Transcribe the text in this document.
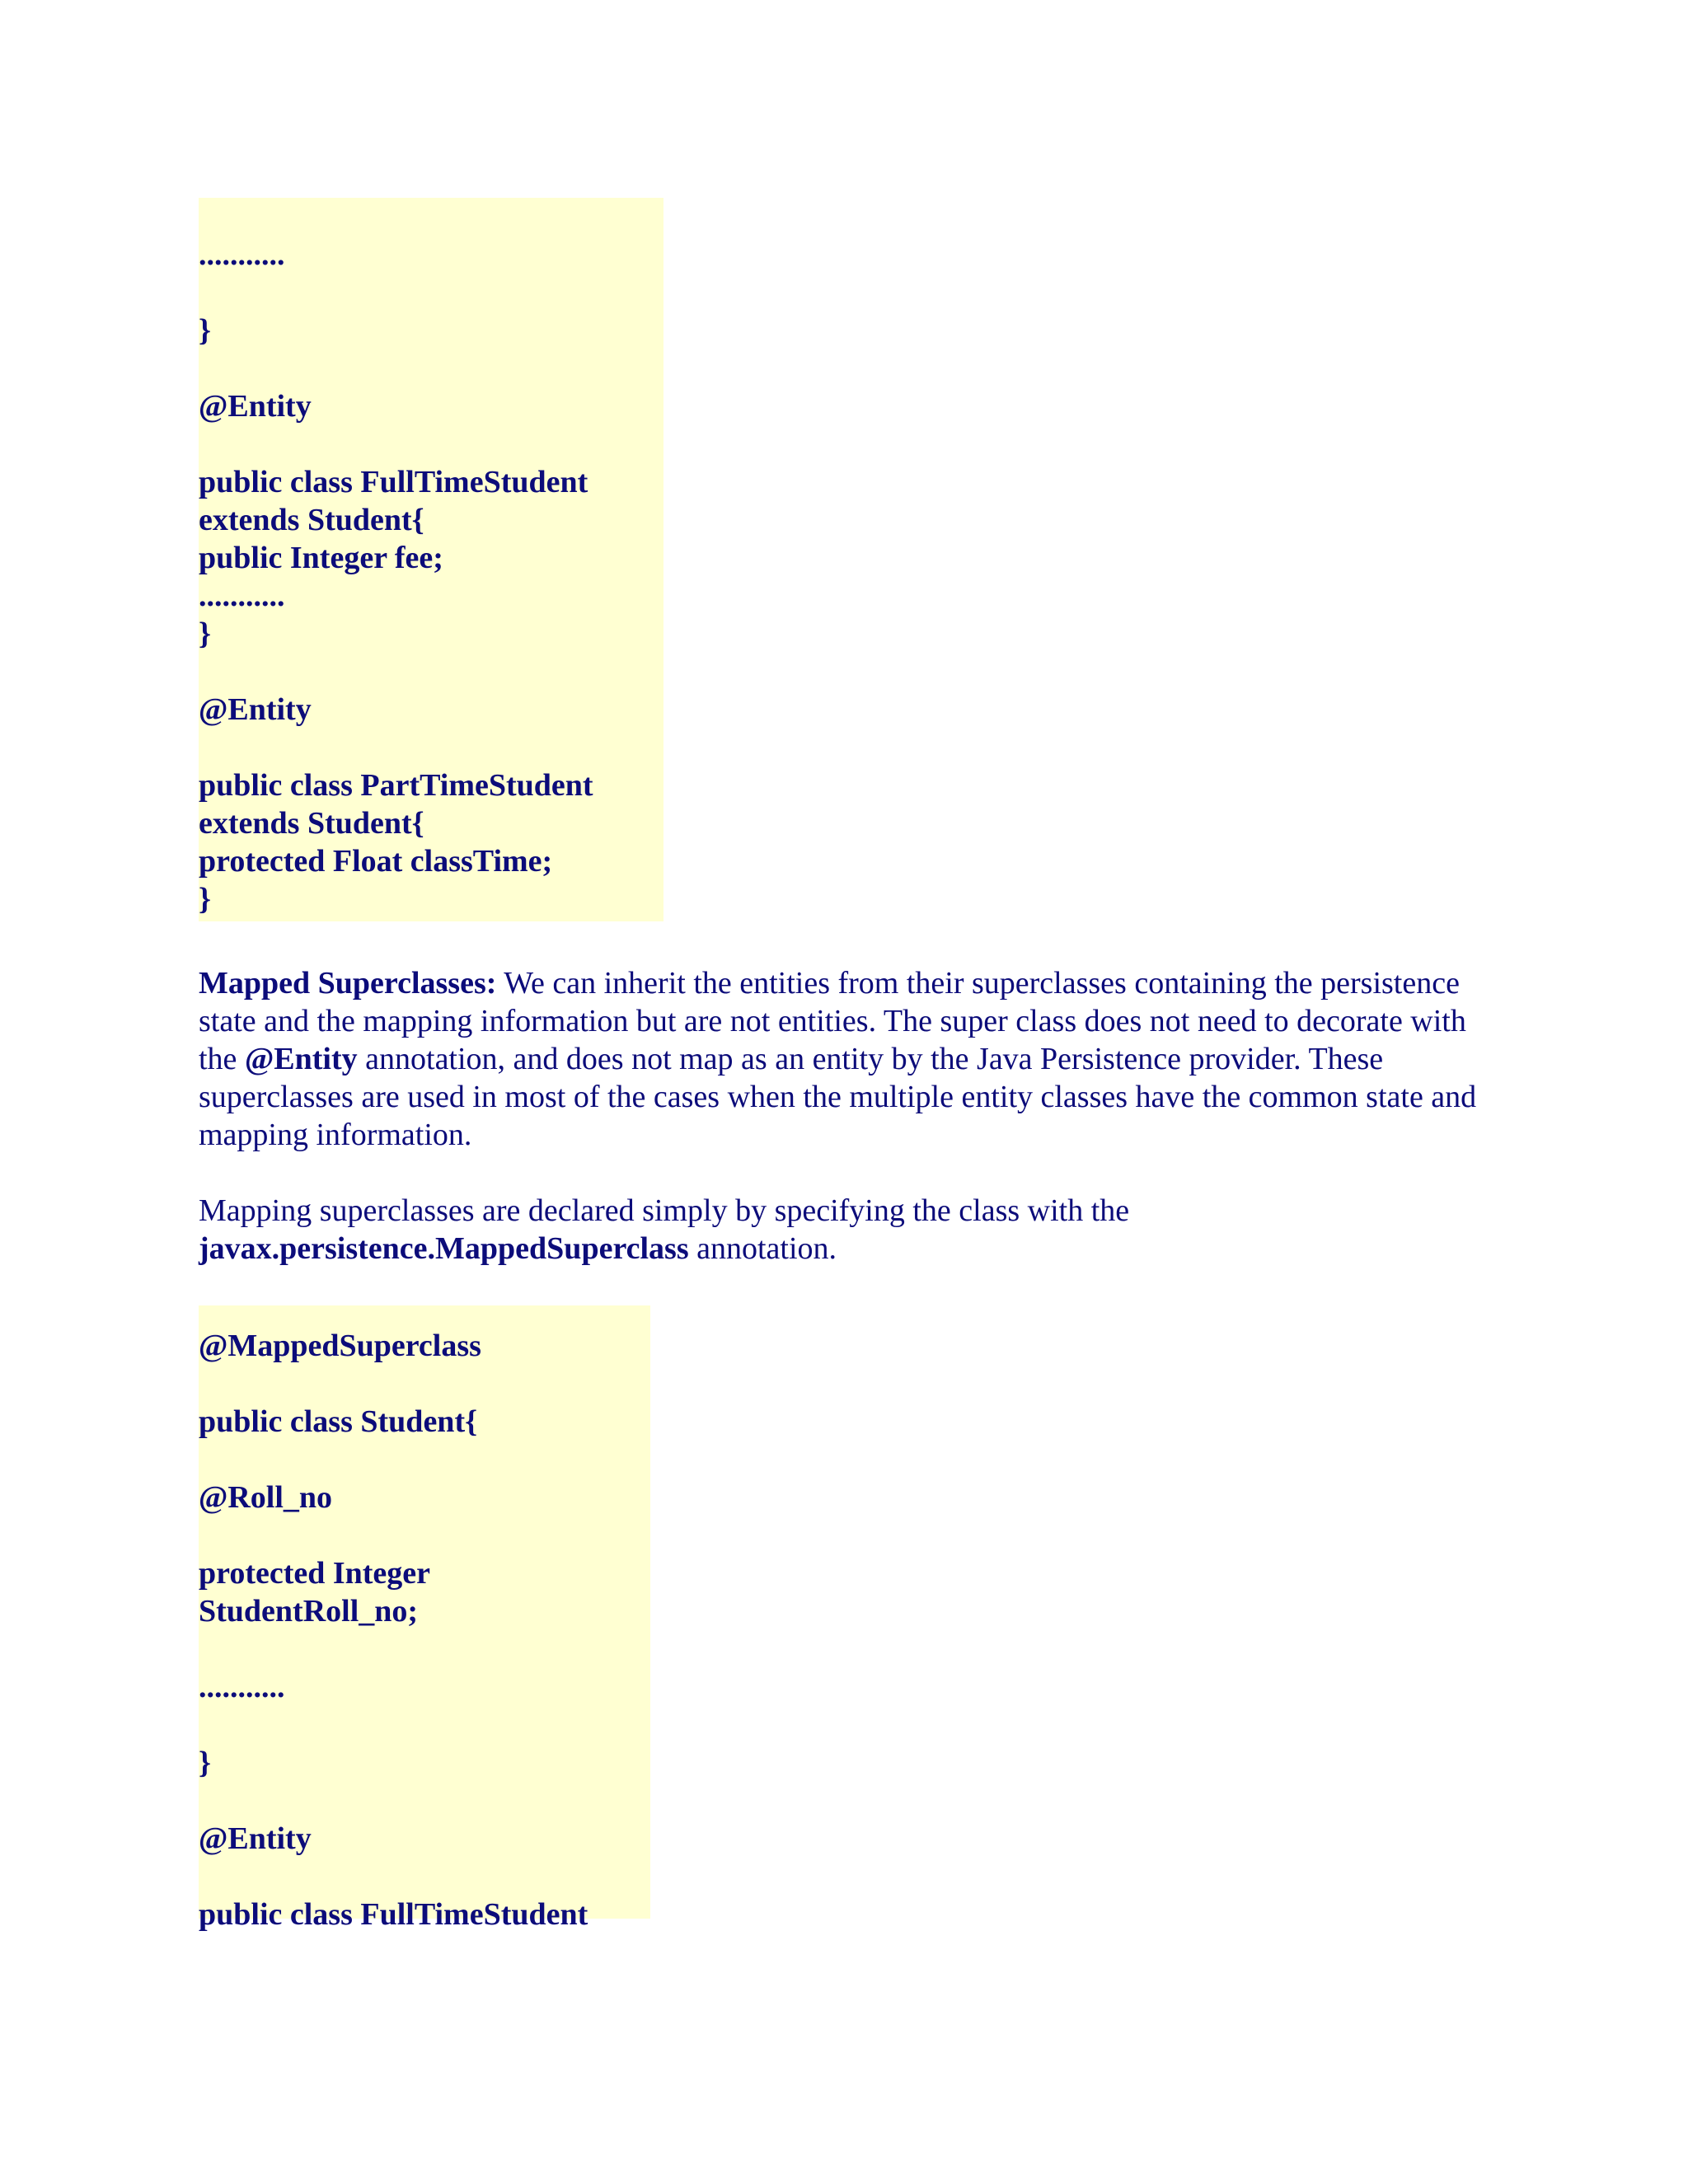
...........
}
@Entity
public class FullTimeStudent
extends Student{
public Integer fee;
...........
}
@Entity
public class PartTimeStudent
extends Student{
protected Float classTime;
}

Mapped Superclasses: We can inherit the entities from their superclasses containing the persistence state and the mapping information but are not entities. The super class does not need to decorate with the @Entity annotation, and does not map as an entity by the Java Persistence provider. These superclasses are used in most of the cases when the multiple entity classes have the common state and mapping information.

Mapping superclasses are declared simply by specifying the class with the javax.persistence.MappedSuperclass annotation.

@MappedSuperclass
public class Student{
@Roll_no
protected Integer
StudentRoll_no;
...........
}
@Entity
public class FullTimeStudent
